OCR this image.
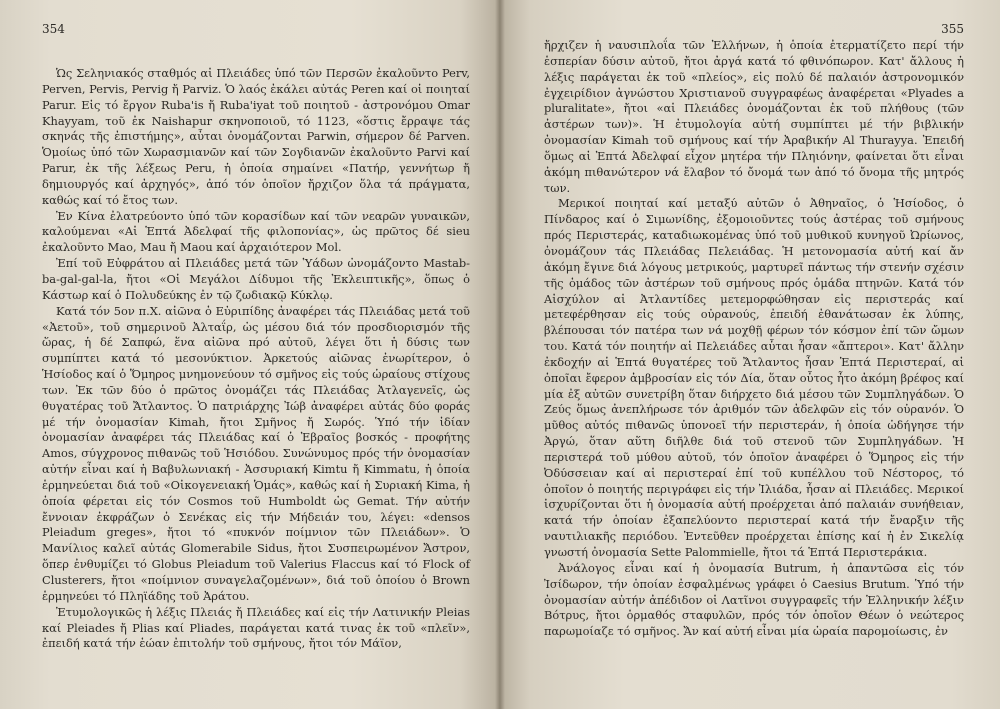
354

Ὡς Σεληνιακός σταθμός αἱ Πλειάδες ὑπό τῶν Περσῶν ἐκαλοῦντο Perv, Perven, Pervis, Pervig ἤ Parviz. Ὁ λαός ἐκάλει αὐτάς Peren καί οἱ ποιηταί Parur. Εἰς τό ἔργον Ruba'is ἤ Ruba'iyat τοῦ ποιητοῦ - ἀστρονόμου Omar Khayyam, τοῦ ἐκ Naishapur σκηνοποιοῦ, τό 1123, «ὅστις ἔρραψε τάς σκηνάς τῆς ἐπιστήμης», αὗται ὀνομάζονται Parwin, σήμερον δέ Parven. Ὁμοίως ὑπό τῶν Χωρασμιανῶν καί τῶν Σογδιανῶν ἐκαλοῦντο Parvi καί Parur, ἐκ τῆς λέξεως Peru, ἡ ὁποία σημαίνει «Πατήρ, γεννήτωρ ἤ δημιουργός καί ἀρχηγός», ἀπό τόν ὁποῖον ἤρχιζον ὅλα τά πράγματα, καθώς καί τό ἔτος των.

Ἐν Κίνα ἐλατρεύοντο ὑπό τῶν κορασίδων καί τῶν νεαρῶν γυναικῶν, καλούμεναι «Αἱ Ἑπτά Ἀδελφαί τῆς φιλοπονίας», ὡς πρῶτος δέ sieu ἐκαλοῦντο Mao, Mau ἤ Maou καί ἀρχαιότερον Mol.

Ἐπί τοῦ Εὐφράτου αἱ Πλειάδες μετά τῶν Ὑάδων ὠνομάζοντο Mastab-ba-gal-gal-la, ἤτοι «Οἱ Μεγάλοι Δίδυμοι τῆς Ἐκλειπτικῆς», ὅπως ὁ Κάστωρ καί ὁ Πολυδεύκης ἐν τῷ ζωδιακῷ Κύκλῳ.

Κατά τόν 5ον π.Χ. αἰῶνα ὁ Εὐριπίδης ἀναφέρει τάς Πλειάδας μετά τοῦ «Ἀετοῦ», τοῦ σημερινοῦ Ἀλταΐρ, ὡς μέσου διά τόν προσδιορισμόν τῆς ὥρας, ἡ δέ Σαπφώ, ἕνα αἰῶνα πρό αὐτοῦ, λέγει ὅτι ἡ δύσις των συμπίπτει κατά τό μεσονύκτιον. Ἀρκετούς αἰῶνας ἐνωρίτερον, ὁ Ἡσίοδος καί ὁ Ὅμηρος μνημονεύουν τό σμῆνος εἰς τούς ὡραίους στίχους των. Ἐκ τῶν δύο ὁ πρῶτος ὀνομάζει τάς Πλειάδας Ἀτλαγενεῖς, ὡς θυγατέρας τοῦ Ἄτλαντος. Ὁ πατριάρχης Ἰώβ ἀναφέρει αὐτάς δύο φοράς μέ τήν ὀνομασίαν Kimah, ἤτοι Σμῆνος ἤ Σωρός. Ὑπό τήν ἰδίαν ὀνομασίαν ἀναφέρει τάς Πλειάδας καί ὁ Ἑβραῖος βοσκός - προφήτης Amos, σύγχρονος πιθανῶς τοῦ Ἡσιόδου. Συνώνυμος πρός τήν ὀνομασίαν αὐτήν εἶναι καί ἡ Βαβυλωνιακή - Ἀσσυριακή Kimtu ἤ Kimmatu, ἡ ὁποία ἑρμηνεύεται διά τοῦ «Οἰκογενειακή Ὁμάς», καθώς καί ἡ Συριακή Kima, ἡ ὁποία φέρεται εἰς τόν Cosmos τοῦ Humboldt ὡς Gemat. Τήν αὐτήν ἔννοιαν ἐκφράζων ὁ Σενέκας εἰς τήν Μήδειάν του, λέγει: «densos Pleiadum greges», ἤτοι τό «πυκνόν ποίμνιον τῶν Πλειάδων». Ὁ Μανίλιος καλεῖ αὐτάς Glomerabile Sidus, ἤτοι Συσπειρωμένον Ἄστρον, ὅπερ ἐνθυμίζει τό Globus Pleiadum τοῦ Valerius Flaccus καί τό Flock of Clusterers, ἤτοι «ποίμνιον συναγελαζομένων», διά τοῦ ὁποίου ὁ Brown ἑρμηνεύει τό Πληϊάδης τοῦ Ἀράτου.

Ἐτυμολογικῶς ἡ λέξις Πλειάς ἤ Πλειάδες καί εἰς τήν Λατινικήν Pleias καί Pleiades ἤ Plias καί Pliades, παράγεται κατά τινας ἐκ τοῦ «πλεῖν», ἐπειδή κατά τήν ἑώαν ἐπιτολήν τοῦ σμήνους, ἤτοι τόν Μάϊον,

355

ἤρχιζεν ἡ ναυσιπλοΐα τῶν Ἑλλήνων, ἡ ὁποία ἐτερματίζετο περί τήν ἑσπερίαν δύσιν αὐτοῦ, ἤτοι ἀργά κατά τό φθινόπωρον. Κατ' ἄλλους ἡ λέξις παράγεται ἐκ τοῦ «πλείος», εἰς πολύ δέ παλαιόν ἀστρονομικόν ἐγχειρίδιον ἀγνώστου Χριστιανοῦ συγγραφέως ἀναφέρεται «Plyades a pluralitate», ἤτοι «αἱ Πλειάδες ὀνομάζονται ἐκ τοῦ πλήθους (τῶν ἀστέρων των)». Ἡ ἐτυμολογία αὐτή συμπίπτει μέ τήν βιβλικήν ὀνομασίαν Kimah τοῦ σμήνους καί τήν Ἀραβικήν Al Thurayya. Ἐπειδή ὅμως αἱ Ἑπτά Ἀδελφαί εἶχον μητέρα τήν Πληιόνην, φαίνεται ὅτι εἶναι ἀκόμη πιθανώτερον νά ἔλαβον τό ὄνομά των ἀπό τό ὄνομα τῆς μητρός των.

Μερικοί ποιηταί καί μεταξύ αὐτῶν ὁ Ἀθηναῖος, ὁ Ἡσίοδος, ὁ Πίνδαρος καί ὁ Σιμωνίδης, ἐξομοιοῦντες τούς ἀστέρας τοῦ σμήνους πρός Περιστεράς, καταδιωκομένας ὑπό τοῦ μυθικοῦ κυνηγοῦ Ὠρίωνος, ὀνομάζουν τάς Πλειάδας Πελειάδας. Ἡ μετονομασία αὐτή καί ἄν ἀκόμη ἔγινε διά λόγους μετρικούς, μαρτυρεῖ πάντως τήν στενήν σχέσιν τῆς ὁμάδος τῶν ἀστέρων τοῦ σμήνους πρός ὁμάδα πτηνῶν. Κατά τόν Αἰσχύλον αἱ Ἀτλαντίδες μετεμορφώθησαν εἰς περιστεράς καί μετεφέρθησαν εἰς τούς οὐρανούς, ἐπειδή ἐθανάτωσαν ἐκ λύπης, βλέπουσαι τόν πατέρα των νά μοχθῇ φέρων τόν κόσμον ἐπί τῶν ὤμων του. Κατά τόν ποιητήν αἱ Πελειάδες αὗται ἦσαν «ἄπτεροι». Κατ' ἄλλην ἐκδοχήν αἱ Ἑπτά θυγατέρες τοῦ Ἄτλαντος ἦσαν Ἑπτά Περιστεραί, αἱ ὁποῖαι ἔφερον ἀμβροσίαν εἰς τόν Δία, ὅταν οὗτος ἦτο ἀκόμη βρέφος καί μία ἐξ αὐτῶν συνετρίβη ὅταν διήρχετο διά μέσου τῶν Συμπληγάδων. Ὁ Ζεύς ὅμως ἀνεπλήρωσε τόν ἀριθμόν τῶν ἀδελφῶν εἰς τόν οὐρανόν. Ὁ μῦθος αὐτός πιθανῶς ὑπονοεῖ τήν περιστεράν, ἡ ὁποία ὡδήγησε τήν Ἀργώ, ὅταν αὕτη διῆλθε διά τοῦ στενοῦ τῶν Συμπληγάδων. Ἡ περιστερά τοῦ μύθου αὐτοῦ, τόν ὁποῖον ἀναφέρει ὁ Ὅμηρος εἰς τήν Ὀδύσσειαν καί αἱ περιστεραί ἐπί τοῦ κυπέλλου τοῦ Νέστορος, τό ὁποῖον ὁ ποιητής περιγράφει εἰς τήν Ἰλιάδα, ἦσαν αἱ Πλειάδες. Μερικοί ἰσχυρίζονται ὅτι ἡ ὀνομασία αὐτή προέρχεται ἀπό παλαιάν συνήθειαν, κατά τήν ὁποίαν ἐξαπελύοντο περιστεραί κατά τήν ἔναρξιν τῆς ναυτιλιακῆς περιόδου. Ἐντεῦθεν προέρχεται ἐπίσης καί ἡ ἐν Σικελίᾳ γνωστή ὀνομασία Sette Palommielle, ἤτοι τά Ἑπτά Περιστεράκια.

Ἀνάλογος εἶναι καί ἡ ὀνομασία Butrum, ἡ ἀπαντῶσα εἰς τόν Ἰσίδωρον, τήν ὁποίαν ἐσφαλμένως γράφει ὁ Caesius Brutum. Ὑπό τήν ὀνομασίαν αὐτήν ἀπέδιδον οἱ Λατῖνοι συγγραφεῖς τήν Ἑλληνικήν λέξιν Βότρυς, ἤτοι ὁρμαθός σταφυλῶν, πρός τόν ὁποῖον Θέων ὁ νεώτερος παρωμοίαζε τό σμῆνος. Ἄν καί αὐτή εἶναι μία ὡραία παρομοίωσις, ἐν
